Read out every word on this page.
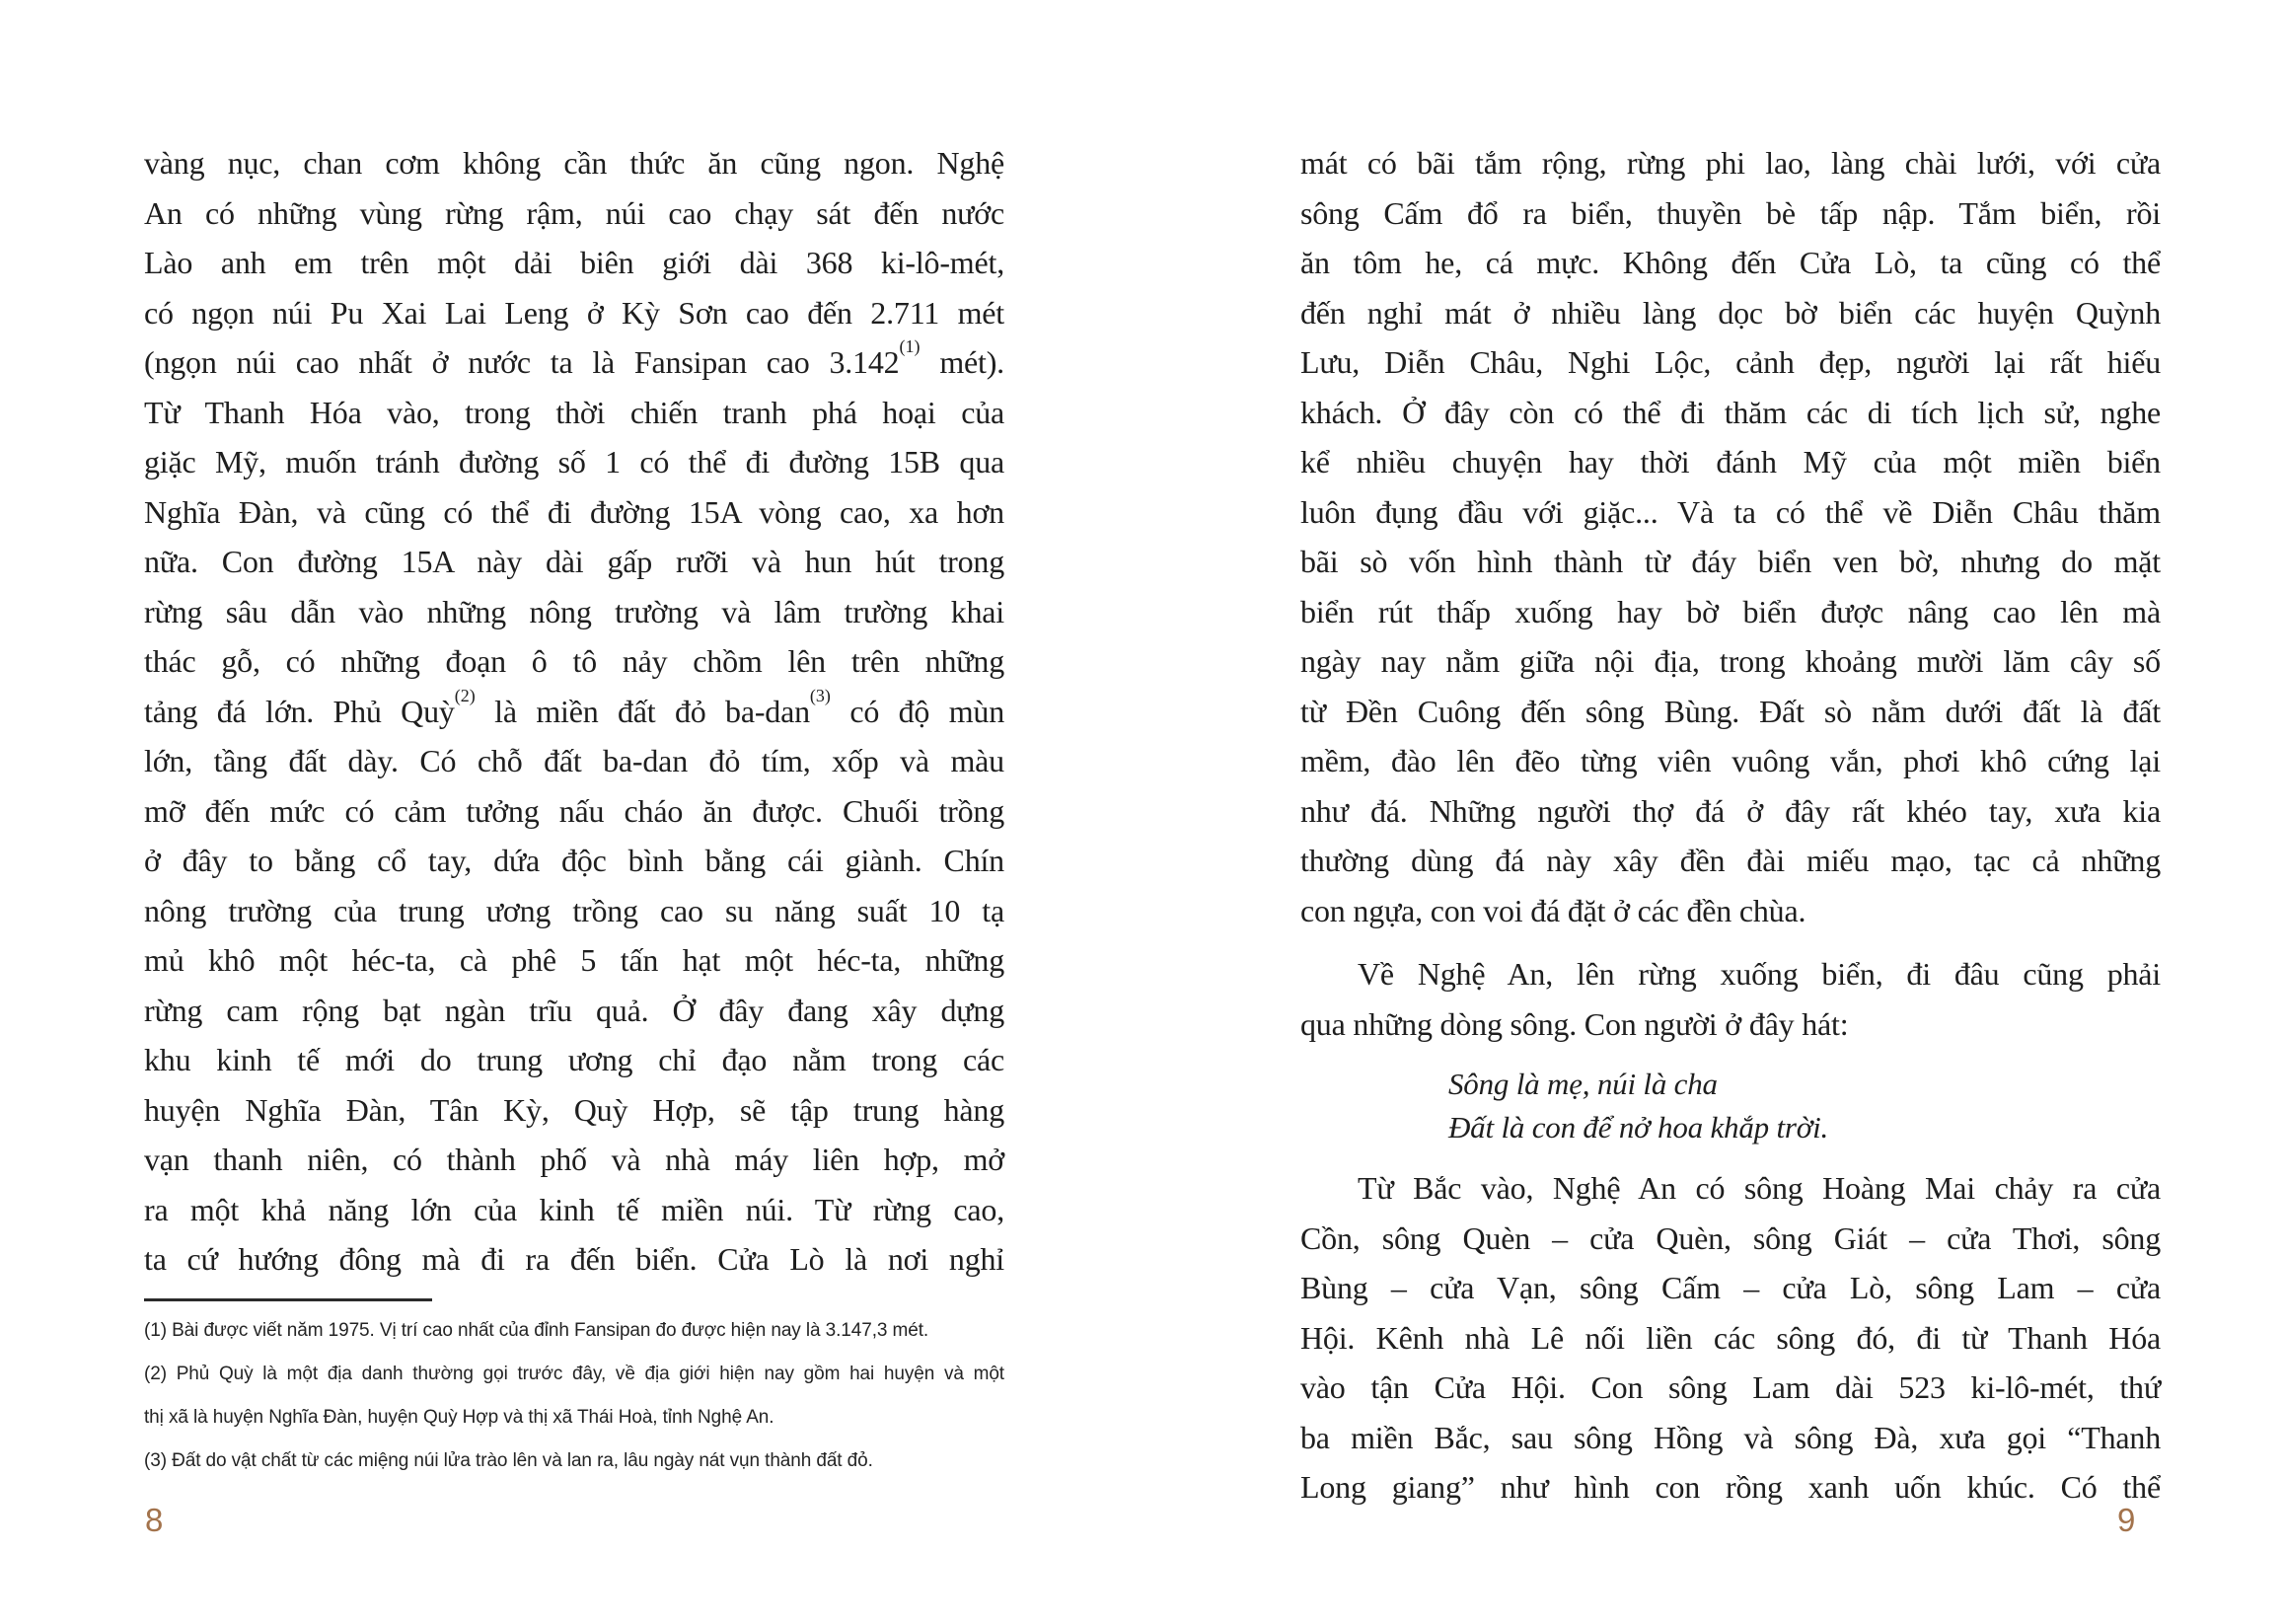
vàng nục, chan cơm không cần thức ăn cũng ngon. Nghệ
An có những vùng rừng rậm, núi cao chạy sát đến nước
Lào anh em trên một dải biên giới dài 368 ki-lô-mét,
có ngọn núi Pu Xai Lai Leng ở Kỳ Sơn cao đến 2.711 mét
(ngọn núi cao nhất ở nước ta là Fansipan cao 3.142$^{(1)}$ mét).
Từ Thanh Hóa vào, trong thời chiến tranh phá hoại của
giặc Mỹ, muốn tránh đường số 1 có thể đi đường 15B qua
Nghĩa Đàn, và cũng có thể đi đường 15A vòng cao, xa hơn
nữa. Con đường 15A này dài gấp rưỡi và hun hút trong
rừng sâu dẫn vào những nông trường và lâm trường khai
thác gỗ, có những đoạn ô tô nảy chồm lên trên những
tảng đá lớn. Phủ Quỳ$^{(2)}$ là miền đất đỏ ba-dan$^{(3)}$ có độ mùn
lớn, tầng đất dày. Có chỗ đất ba-dan đỏ tím, xốp và màu
mỡ đến mức có cảm tưởng nấu cháo ăn được. Chuối trồng
ở đây to bằng cổ tay, dứa độc bình bằng cái giành. Chín
nông trường của trung ương trồng cao su năng suất 10 tạ
mủ khô một héc-ta, cà phê 5 tấn hạt một héc-ta, những
rừng cam rộng bạt ngàn trĩu quả. Ở đây đang xây dựng
khu kinh tế mới do trung ương chỉ đạo nằm trong các
huyện Nghĩa Đàn, Tân Kỳ, Quỳ Hợp, sẽ tập trung hàng
vạn thanh niên, có thành phố và nhà máy liên hợp, mở
ra một khả năng lớn của kinh tế miền núi. Từ rừng cao,
ta cứ hướng đông mà đi ra đến biển. Cửa Lò là nơi nghỉ
(1) Bài được viết năm 1975. Vị trí cao nhất của đỉnh Fansipan đo được hiện nay là 3.147,3 mét.
(2) Phủ Quỳ là một địa danh thường gọi trước đây, về địa giới hiện nay gồm hai huyện và một
thị xã là huyện Nghĩa Đàn, huyện Quỳ Hợp và thị xã Thái Hoà, tỉnh Nghệ An.
(3) Đất do vật chất từ các miệng núi lửa trào lên và lan ra, lâu ngày nát vụn thành đất đỏ.
mát có bãi tắm rộng, rừng phi lao, làng chài lưới, với cửa
sông Cấm đổ ra biển, thuyền bè tấp nập. Tắm biển, rồi
ăn tôm he, cá mực. Không đến Cửa Lò, ta cũng có thể
đến nghỉ mát ở nhiều làng dọc bờ biển các huyện Quỳnh
Lưu, Diễn Châu, Nghi Lộc, cảnh đẹp, người lại rất hiếu
khách. Ở đây còn có thể đi thăm các di tích lịch sử, nghe
kể nhiều chuyện hay thời đánh Mỹ của một miền biển
luôn đụng đầu với giặc... Và ta có thể về Diễn Châu thăm
bãi sò vốn hình thành từ đáy biển ven bờ, nhưng do mặt
biển rút thấp xuống hay bờ biển được nâng cao lên mà
ngày nay nằm giữa nội địa, trong khoảng mười lăm cây số
từ Đền Cuông đến sông Bùng. Đất sò nằm dưới đất là đất
mềm, đào lên đẽo từng viên vuông vắn, phơi khô cứng lại
như đá. Những người thợ đá ở đây rất khéo tay, xưa kia
thường dùng đá này xây đền đài miếu mạo, tạc cả những
con ngựa, con voi đá đặt ở các đền chùa.
Về Nghệ An, lên rừng xuống biển, đi đâu cũng phải
qua những dòng sông. Con người ở đây hát:
Sông là mẹ, núi là cha
Đất là con để nở hoa khắp trời.
Từ Bắc vào, Nghệ An có sông Hoàng Mai chảy ra cửa
Cồn, sông Quèn – cửa Quèn, sông Giát – cửa Thơi, sông
Bùng – cửa Vạn, sông Cấm – cửa Lò, sông Lam – cửa
Hội. Kênh nhà Lê nối liền các sông đó, đi từ Thanh Hóa
vào tận Cửa Hội. Con sông Lam dài 523 ki-lô-mét, thứ
ba miền Bắc, sau sông Hồng và sông Đà, xưa gọi “Thanh
Long giang” như hình con rồng xanh uốn khúc. Có thể
8	9
